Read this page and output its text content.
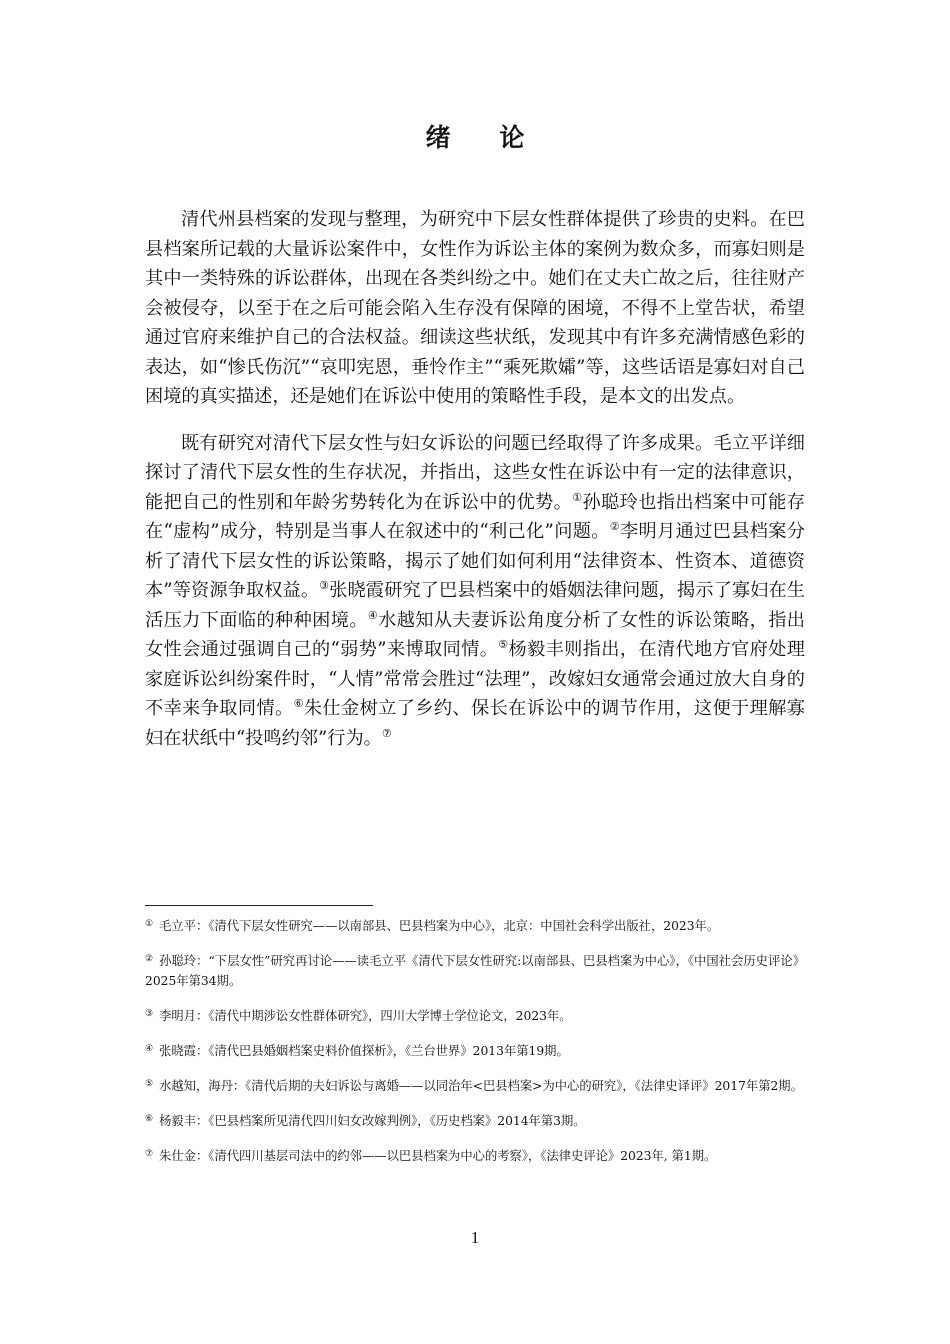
绪 论

清代州县档案的发现与整理，为研究中下层女性群体提供了珍贵的史料。在巴县档案所记载的大量诉讼案件中，女性作为诉讼主体的案例为数众多，而寡妇则是其中一类特殊的诉讼群体，出现在各类纠纷之中。她们在丈夫亡故之后，往往财产会被侵夺，以至于在之后可能会陷入生存没有保障的困境，不得不上堂告状，希望通过官府来维护自己的合法权益。细读这些状纸，发现其中有许多充满情感色彩的表达，如“惨氏伤沉”“哀叩宪恩，垂怜作主”“乘死欺孀”等，这些话语是寡妇对自己困境的真实描述，还是她们在诉讼中使用的策略性手段，是本文的出发点。

既有研究对清代下层女性与妇女诉讼的问题已经取得了许多成果。毛立平详细探讨了清代下层女性的生存状况，并指出，这些女性在诉讼中有一定的法律意识，能把自己的性别和年龄劣势转化为在诉讼中的优势。①孙聪玲也指出档案中可能存在“虚构”成分，特别是当事人在叙述中的“利己化”问题。②李明月通过巴县档案分析了清代下层女性的诉讼策略，揭示了她们如何利用“法律资本、性资本、道德资本”等资源争取权益。③张晓霞研究了巴县档案中的婚姻法律问题，揭示了寡妇在生活压力下面临的种种困境。④水越知从夫妻诉讼角度分析了女性的诉讼策略，指出女性会通过强调自己的“弱势”来博取同情。⑤杨毅丰则指出，在清代地方官府处理家庭诉讼纠纷案件时，“人情”常常会胜过“法理”，改嫁妇女通常会通过放大自身的不幸来争取同情。⑥朱仕金树立了乡约、保长在诉讼中的调节作用，这便于理解寡妇在状纸中“投鸣约邻”行为。⑦

① 毛立平：《清代下层女性研究——以南部县、巴县档案为中心》，北京：中国社会科学出版社，2023年。

② 孙聪玲：“下层女性”研究再讨论——读毛立平《清代下层女性研究:以南部县、巴县档案为中心》，《中国社会历史评论》2025年第34期。

③ 李明月：《清代中期涉讼女性群体研究》，四川大学博士学位论文，2023年。

④ 张晓霞：《清代巴县婚姻档案史料价值探析》，《兰台世界》2013年第19期。

⑤ 水越知，海丹：《清代后期的夫妇诉讼与离婚——以同治年<巴县档案>为中心的研究》，《法律史译评》2017年第2期。

⑥ 杨毅丰：《巴县档案所见清代四川妇女改嫁判例》，《历史档案》2014年第3期。

⑦ 朱仕金：《清代四川基层司法中的约邻——以巴县档案为中心的考察》，《法律史评论》2023年, 第1期。

1
